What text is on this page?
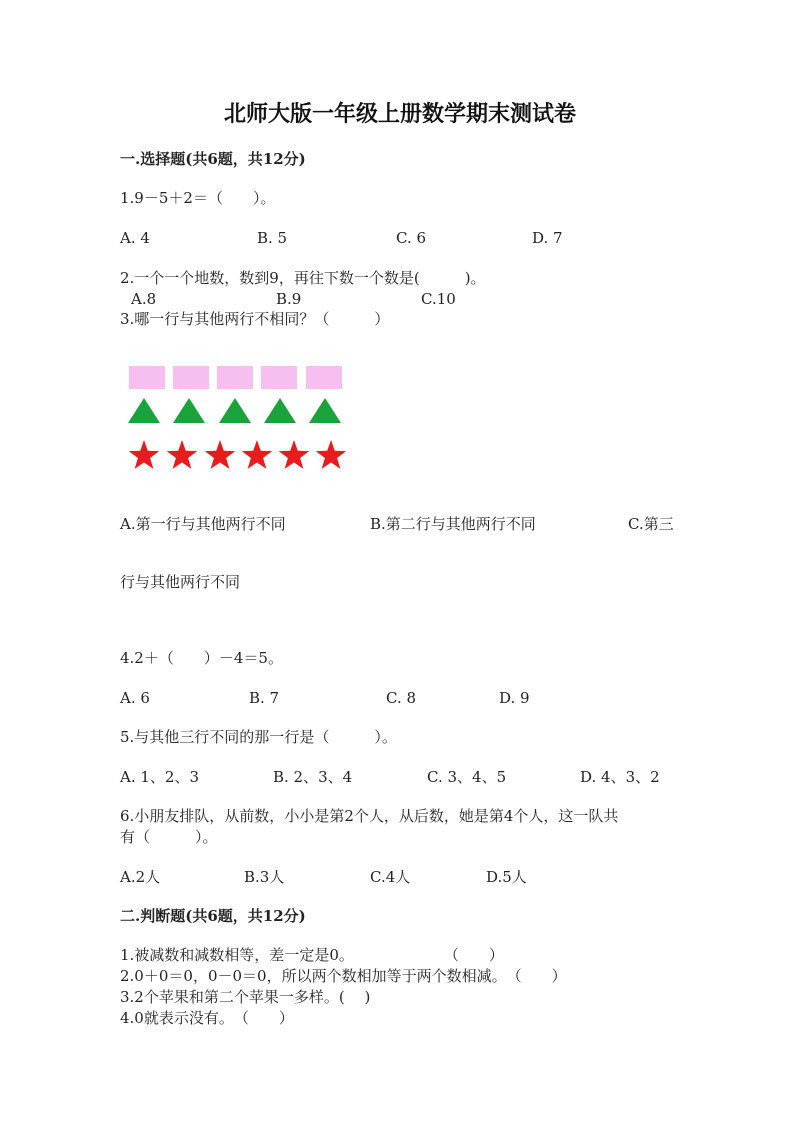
北师大版一年级上册数学期末测试卷
一.选择题(共6题，共12分)
1.9－5＋2＝（　　）。
A. 4	B. 5	C. 6	D. 7
2.一个一个地数，数到9，再往下数一个数是(　　　)。
A.8	B.9	C.10
3.哪一行与其他两行不相同？（　　　）
A.第一行与其他两行不同	B.第二行与其他两行不同	C.第三
行与其他两行不同
4.2＋（　　）－4＝5。
A. 6	B. 7	C. 8	D. 9
5.与其他三行不同的那一行是（　　　）。
A. 1、2、3	B. 2、3、4	C. 3、4、5	D. 4、3、2
6.小朋友排队，从前数，小小是第2个人，从后数，她是第4个人，这一队共
有（　　　）。
A.2人	B.3人	C.4人	D.5人
二.判断题(共6题，共12分)
1.被减数和减数相等，差一定是0。　　　　　　　（　　）
2.0＋0＝0，0－0＝0，所以两个数相加等于两个数相减。　（　　）
3.2个苹果和第二个苹果一多样。(　 )
4.0就表示没有。　（　　）
